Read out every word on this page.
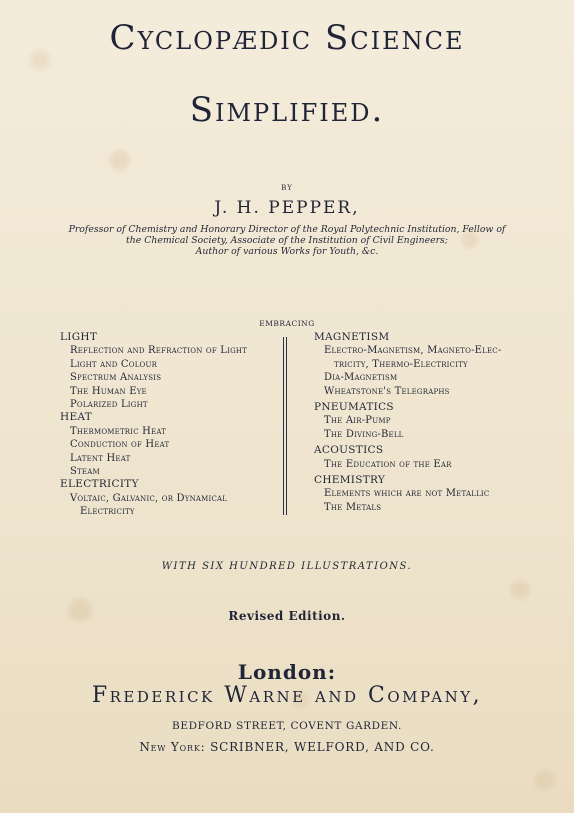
Cyclopædic Science
Simplified.

BY

J. H. PEPPER,

Professor of Chemistry and Honorary Director of the Royal Polytechnic Institution, Fellow of

the Chemical Society, Associate of the Institution of Civil Engineers;

Author of various Works for Youth, &c.

EMBRACING

LIGHT
Reflection and Refraction of Light
Light and Colour
Spectrum Analysis
The Human Eye
Polarized Light
HEAT
Thermometric Heat
Conduction of Heat
Latent Heat
Steam
ELECTRICITY
Voltaic, Galvanic, or Dynamical
Electricity
MAGNETISM
Electro-Magnetism, Magneto-Elec-
tricity, Thermo-Electricity
Dia-Magnetism
Wheatstone's Telegraphs
PNEUMATICS
The Air-Pump
The Diving-Bell
ACOUSTICS
The Education of the Ear
CHEMISTRY
Elements which are not Metallic
The Metals

WITH SIX HUNDRED ILLUSTRATIONS.

Revised Edition.

London:

Frederick Warne and Company,

BEDFORD STREET, COVENT GARDEN.

New York: SCRIBNER, WELFORD, AND CO.
